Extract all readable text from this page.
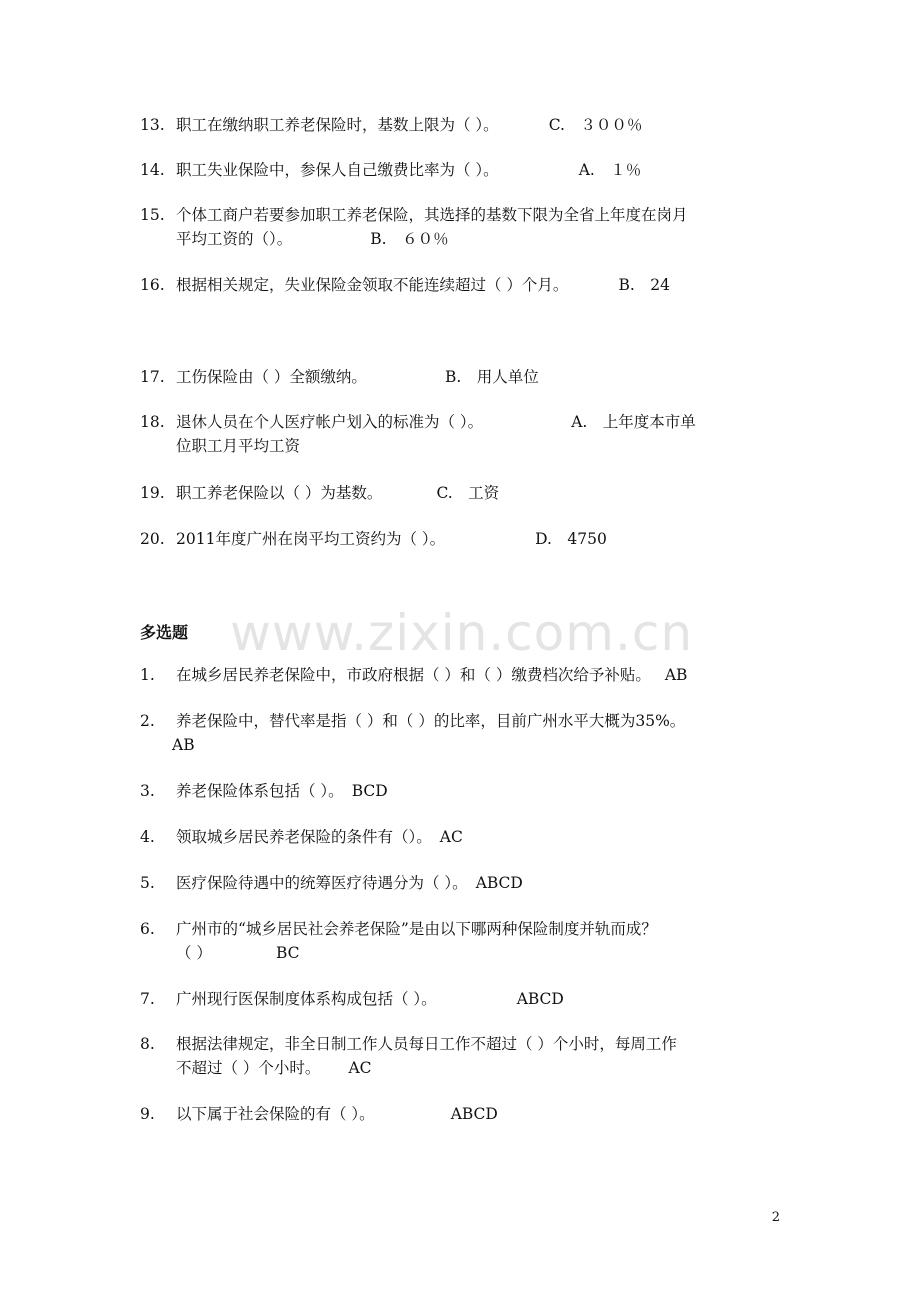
www.zixin.com.cn
13. 职工在缴纳职工养老保险时，基数上限为（ ）。	C.　３００％
14. 职工失业保险中，参保人自己缴费比率为（ ）。	A.　１％
15. 个体工商户若要参加职工养老保险，其选择的基数下限为全省上年度在岗月
平均工资的（）。	B.　６０％
16. 根据相关规定，失业保险金领取不能连续超过（ ）个月。	B.　24
17. 工伤保险由（ ）全额缴纳。	B.　用人单位
18. 退休人员在个人医疗帐户划入的标准为（ ）。	A.　上年度本市单
位职工月平均工资
19. 职工养老保险以（ ）为基数。	C.　工资
20. 2011年度广州在岗平均工资约为（ ）。	D.　4750
多选题
1. 在城乡居民养老保险中，市政府根据（ ）和（ ）缴费档次给予补贴。 AB
2. 养老保险中，替代率是指（ ）和（ ）的比率，目前广州水平大概为35%。
AB
3. 养老保险体系包括（ ）。 BCD
4. 领取城乡居民养老保险的条件有（）。 AC
5. 医疗保险待遇中的统筹医疗待遇分为（ ）。 ABCD
6. 广州市的“城乡居民社会养老保险”是由以下哪两种保险制度并轨而成？
（ ）	BC
7. 广州现行医保制度体系构成包括（ ）。	ABCD
8. 根据法律规定，非全日制工作人员每日工作不超过（ ）个小时，每周工作
不超过（ ）个小时。 AC
9. 以下属于社会保险的有（ ）。	ABCD
2
